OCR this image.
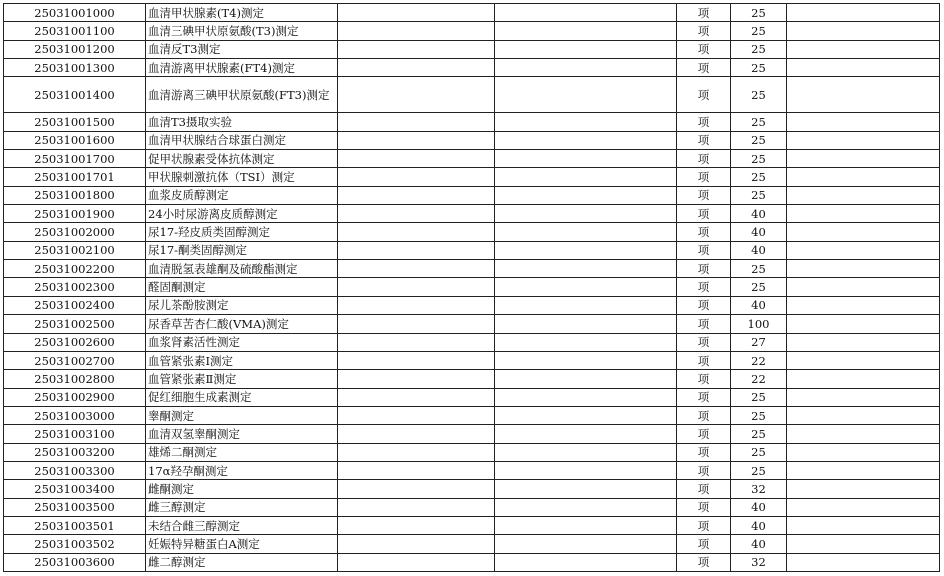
25031001000	血清甲状腺素(T4)测定			项	25	
25031001100	血清三碘甲状原氨酸(T3)测定			项	25	
25031001200	血清反T3测定			项	25	
25031001300	血清游离甲状腺素(FT4)测定			项	25	
25031001400	血清游离三碘甲状原氨酸(FT3)测定			项	25	
25031001500	血清T3摄取实验			项	25	
25031001600	血清甲状腺结合球蛋白测定			项	25	
25031001700	促甲状腺素受体抗体测定			项	25	
25031001701	甲状腺刺激抗体（TSI）测定			项	25	
25031001800	血浆皮质醇测定			项	25	
25031001900	24小时尿游离皮质醇测定			项	40	
25031002000	尿17-羟皮质类固醇测定			项	40	
25031002100	尿17-酮类固醇测定			项	40	
25031002200	血清脱氢表雄酮及硫酸酯测定			项	25	
25031002300	醛固酮测定			项	25	
25031002400	尿儿茶酚胺测定			项	40	
25031002500	尿香草苦杏仁酸(VMA)测定			项	100	
25031002600	血浆肾素活性测定			项	27	
25031002700	血管紧张素Ⅰ测定			项	22	
25031002800	血管紧张素Ⅱ测定			项	22	
25031002900	促红细胞生成素测定			项	25	
25031003000	睾酮测定			项	25	
25031003100	血清双氢睾酮测定			项	25	
25031003200	雄烯二酮测定			项	25	
25031003300	17α羟孕酮测定			项	25	
25031003400	雌酮测定			项	32	
25031003500	雌三醇测定			项	40	
25031003501	未结合雌三醇测定			项	40	
25031003502	妊娠特异糖蛋白A测定			项	40	
25031003600	雌二醇测定			项	32	
